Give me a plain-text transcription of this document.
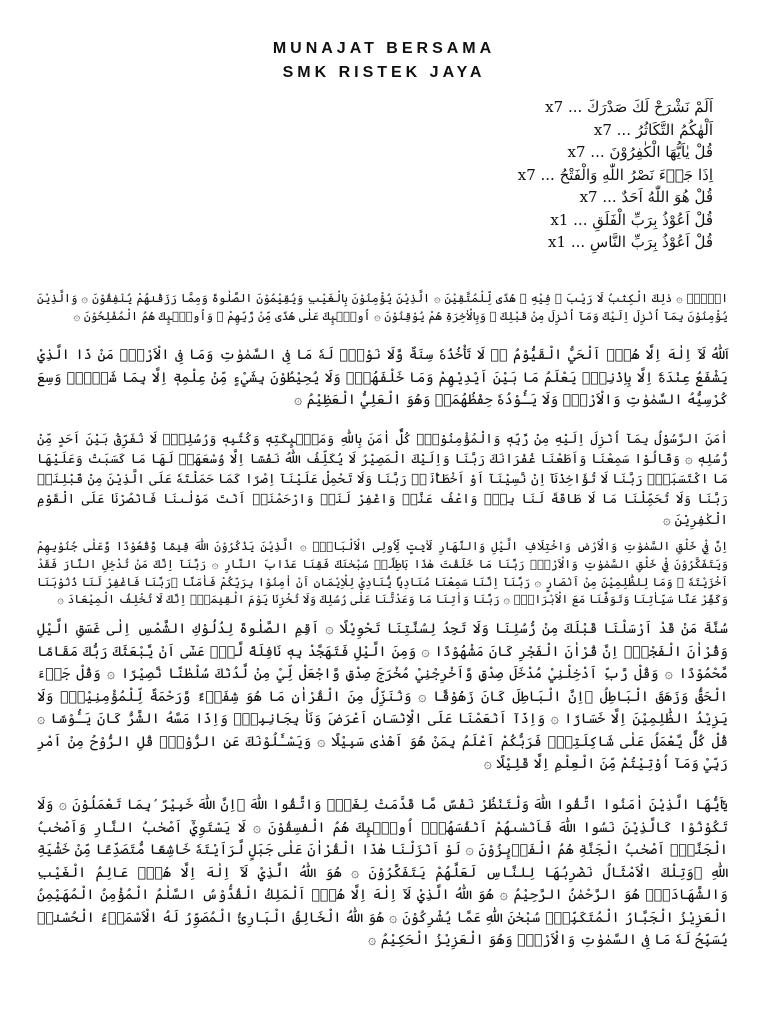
MUNAJAT BERSAMA
SMK RISTEK JAYA
اَلَمْ نَشْرَحْ لَكَ صَدْرَكَ ... x7
اَلْهٰكُمُ التَّكَاثُرُ ... x7
قُلْ يٰاَيُّهَا الْكٰفِرُوْنَ ... x7
اِذَا جَاۤءَ نَصْرُ اللّٰهِ وَالْفَتْحُ ... x7
قُلْ هُوَ اللّٰهُ اَحَدٌ ... x7
قُلْ اَعُوْذُ بِرَبِّ الْفَلَقِ ... x1
قُلْ اَعُوْذُ بِرَبِّ النَّاسِ ... x1
الۤمّۤ ۞ ذٰلِكَ الْكِتٰبُ لَا رَيْبَ ۛ فِيْهِ ۛ هُدًى لِّلْمُتَّقِيْنَ ۞ الَّذِيْنَ يُؤْمِنُوْنَ بِالْغَيْبِ وَيُقِيْمُوْنَ الصَّلٰوةَ وَمِمَّا رَزَقْنٰهُمْ يُنْفِقُوْنَ ۞ وَالَّذِيْنَ يُؤْمِنُوْنَ بِمَآ اُنْزِلَ اِلَيْكَ وَمَآ اُنْزِلَ مِنْ قَبْلِكَ ۚ وَبِالْاٰخِرَةِ هُمْ يُوْقِنُوْنَ ۞ اُولٰۤىِٕكَ عَلٰى هُدًى مِّنْ رَّبِّهِمْ ۙ وَاُولٰۤىِٕكَ هُمُ الْمُفْلِحُوْنَ ۞
اَللّٰهُ لَآ اِلٰهَ اِلَّا هُوَۚ اَلْحَيُّ الْقَيُّوْمُ ەۚ لَا تَأْخُذُهٗ سِنَةٌ وَّلَا نَوْمٌۗ لَهٗ مَا فِى السَّمٰوٰتِ وَمَا فِى الْاَرْضِۗ مَنْ ذَا الَّذِيْ يَشْفَعُ عِنْدَهٗٓ اِلَّا بِاِذْنِهٖۗ يَعْلَمُ مَا بَيْنَ اَيْدِيْهِمْ وَمَا خَلْفَهُمْۚ وَلَا يُحِيْطُوْنَ بِشَيْءٍ مِّنْ عِلْمِهٖٓ اِلَّا بِمَا شَاۤءَۚ وَسِعَ كُرْسِيُّهُ السَّمٰوٰتِ وَالْاَرْضَۚ وَلَا يَـُٔوْدُهٗ حِفْظُهُمَاۚ وَهُوَ الْعَلِيُّ الْعَظِيْمُ ۞
اٰمَنَ الرَّسُوْلُ بِمَآ اُنْزِلَ اِلَيْهِ مِنْ رَّبِّهٖ وَالْمُؤْمِنُوْنَۗ كُلٌّ اٰمَنَ بِاللّٰهِ وَمَلٰۤىِٕكَتِهٖ وَكُتُبِهٖ وَرُسُلِهٖۗ لَا نُفَرِّقُ بَيْنَ اَحَدٍ مِّنْ رُّسُلِهٖ ۞ وَقَالُوْا سَمِعْنَا وَاَطَعْنَا غُفْرَانَكَ رَبَّنَا وَاِلَيْكَ الْمَصِيْرُ لَا يُكَلِّفُ اللّٰهُ نَفْسًا اِلَّا وُسْعَهَاۗ لَهَا مَا كَسَبَتْ وَعَلَيْهَا مَا اكْتَسَبَتْۗ رَبَّنَا لَا تُؤَاخِذْنَآ اِنْ نَّسِيْنَآ اَوْ اَخْطَأْنَاۚ رَبَّنَا وَلَا تَحْمِلْ عَلَيْنَآ اِصْرًا كَمَا حَمَلْتَهٗ عَلَى الَّذِيْنَ مِنْ قَبْلِنَاۚ رَبَّنَا وَلَا تُحَمِّلْنَا مَا لَا طَاقَةَ لَنَا بِهٖۚ وَاعْفُ عَنَّاۗ وَاغْفِرْ لَنَاۗ وَارْحَمْنَاۗ اَنْتَ مَوْلٰىنَا فَانْصُرْنَا عَلَى الْقَوْمِ الْكٰفِرِيْنَ ۞
اِنَّ فِيْ خَلْقِ السَّمٰوٰتِ وَالْاَرْضِ وَاخْتِلَافِ الَّيْلِ وَالنَّهَارِ لَاٰيٰتٍ لِّاُولِى الْاَلْبَابِۙ ۞ الَّذِيْنَ يَذْكُرُوْنَ اللّٰهَ قِيٰمًا وَّقُعُوْدًا وَّعَلٰى جُنُوْبِهِمْ وَيَتَفَكَّرُوْنَ فِيْ خَلْقِ السَّمٰوٰتِ وَالْاَرْضِۚ رَبَّنَا مَا خَلَقْتَ هٰذَا بَاطِلًاۚ سُبْحٰنَكَ فَقِنَا عَذَابَ النَّارِ ۞ رَبَّنَآ اِنَّكَ مَنْ تُدْخِلِ النَّارَ فَقَدْ اَخْزَيْتَهٗ ۗ وَمَا لِلظّٰلِمِيْنَ مِنْ اَنْصَارٍ ۞ رَبَّنَآ اِنَّنَا سَمِعْنَا مُنَادِيًا يُّنَادِيْ لِلْاِيْمَانِ اَنْ اٰمِنُوْا بِرَبِّكُمْ فَاٰمَنَّا ۖرَبَّنَا فَاغْفِرْ لَنَا ذُنُوْبَنَا وَكَفِّرْ عَنَّا سَيِّاٰتِنَا وَتَوَفَّنَا مَعَ الْاَبْرَارِۚ ۞ رَبَّنَا وَاٰتِنَا مَا وَعَدْتَّنَا عَلٰى رُسُلِكَ وَلَا تُخْزِنَا يَوْمَ الْقِيٰمَةِۗ اِنَّكَ لَا تُخْلِفُ الْمِيْعَادَ ۞
سُنَّةَ مَنْ قَدْ اَرْسَلْنَا قَبْلَكَ مِنْ رُّسُلِنَا وَلَا تَجِدُ لِسُنَّتِنَا تَحْوِيْلًا ۞ اَقِمِ الصَّلٰوةَ لِدُلُوْكِ الشَّمْسِ اِلٰى غَسَقِ الَّيْلِ وَقُرْاٰنَ الْفَجْرِۗ اِنَّ قُرْاٰنَ الْفَجْرِ كَانَ مَشْهُوْدًا ۞ وَمِنَ الَّيْلِ فَتَهَجَّدْ بِهٖ نَافِلَةً لَّكَۖ عَسٰٓى اَنْ يَّبْعَثَكَ رَبُّكَ مَقَامًا مَّحْمُوْدًا ۞ وَقُلْ رَّبِّ اَدْخِلْنِيْ مُدْخَلَ صِدْقٍ وَّاَخْرِجْنِيْ مُخْرَجَ صِدْقٍ وَّاجْعَلْ لِّيْ مِنْ لَّدُنْكَ سُلْطٰنًا نَّصِيْرًا ۞ وَقُلْ جَاۤءَ الْحَقُّ وَزَهَقَ الْبَاطِلُ ۗاِنَّ الْبَاطِلَ كَانَ زَهُوْقًا ۞ وَنُنَزِّلُ مِنَ الْقُرْاٰنِ مَا هُوَ شِفَاۤءٌ وَّرَحْمَةٌ لِّلْمُؤْمِنِيْنَۙ وَلَا يَزِيْدُ الظّٰلِمِيْنَ اِلَّا خَسَارًا ۞ وَاِذَآ اَنْعَمْنَا عَلَى الْاِنْسَانِ اَعْرَضَ وَنَاٰ بِجَانِبِهٖۚ وَاِذَا مَسَّهُ الشَّرُّ كَانَ يَـُٔوْسًا ۞ قُلْ كُلٌّ يَّعْمَلُ عَلٰى شَاكِلَتِهٖۗ فَرَبُّكُمْ اَعْلَمُ بِمَنْ هُوَ اَهْدٰى سَبِيْلًا ۞ وَيَسْـَٔلُوْنَكَ عَنِ الرُّوْحِۗ قُلِ الرُّوْحُ مِنْ اَمْرِ رَبِّيْ وَمَآ اُوْتِيْتُمْ مِّنَ الْعِلْمِ اِلَّا قَلِيْلًا ۞
يٰٓاَيُّهَا الَّذِيْنَ اٰمَنُوا اتَّقُوا اللّٰهَ وَلْتَنْظُرْ نَفْسٌ مَّا قَدَّمَتْ لِغَدٍۚ وَاتَّقُوا اللّٰهَ ۗاِنَّ اللّٰهَ خَبِيْرٌ ۢبِمَا تَعْمَلُوْنَ ۞ وَلَا تَكُوْنُوْا كَالَّذِيْنَ نَسُوا اللّٰهَ فَاَنْسٰىهُمْ اَنْفُسَهُمْۗ اُولٰۤىِٕكَ هُمُ الْفٰسِقُوْنَ ۞ لَا يَسْتَوِيْٓ اَصْحٰبُ النَّارِ وَاَصْحٰبُ الْجَنَّةِۗ اَصْحٰبُ الْجَنَّةِ هُمُ الْفَاۤىِٕزُوْنَ ۞ لَوْ اَنْزَلْنَا هٰذَا الْقُرْاٰنَ عَلٰى جَبَلٍ لَّرَاَيْتَهٗ خَاشِعًا مُّتَصَدِّعًا مِّنْ خَشْيَةِ اللّٰهِ ۗوَتِلْكَ الْاَمْثَالُ نَضْرِبُهَا لِلنَّاسِ لَعَلَّهُمْ يَتَفَكَّرُوْنَ ۞ هُوَ اللّٰهُ الَّذِيْ لَآ اِلٰهَ اِلَّا هُوَۚ عَالِمُ الْغَيْبِ وَالشَّهَادَةِۚ هُوَ الرَّحْمٰنُ الرَّحِيْمُ ۞ هُوَ اللّٰهُ الَّذِيْ لَآ اِلٰهَ اِلَّا هُوَۚ اَلْمَلِكُ الْقُدُّوْسُ السَّلٰمُ الْمُؤْمِنُ الْمُهَيْمِنُ الْعَزِيْزُ الْجَبَّارُ الْمُتَكَبِّرُۗ سُبْحٰنَ اللّٰهِ عَمَّا يُشْرِكُوْنَ ۞ هُوَ اللّٰهُ الْخَالِقُ الْبَارِئُ الْمُصَوِّرُ لَهُ الْاَسْمَاۤءُ الْحُسْنٰىۗ يُسَبِّحُ لَهٗ مَا فِى السَّمٰوٰتِ وَالْاَرْضِۚ وَهُوَ الْعَزِيْزُ الْحَكِيْمُ ۞
